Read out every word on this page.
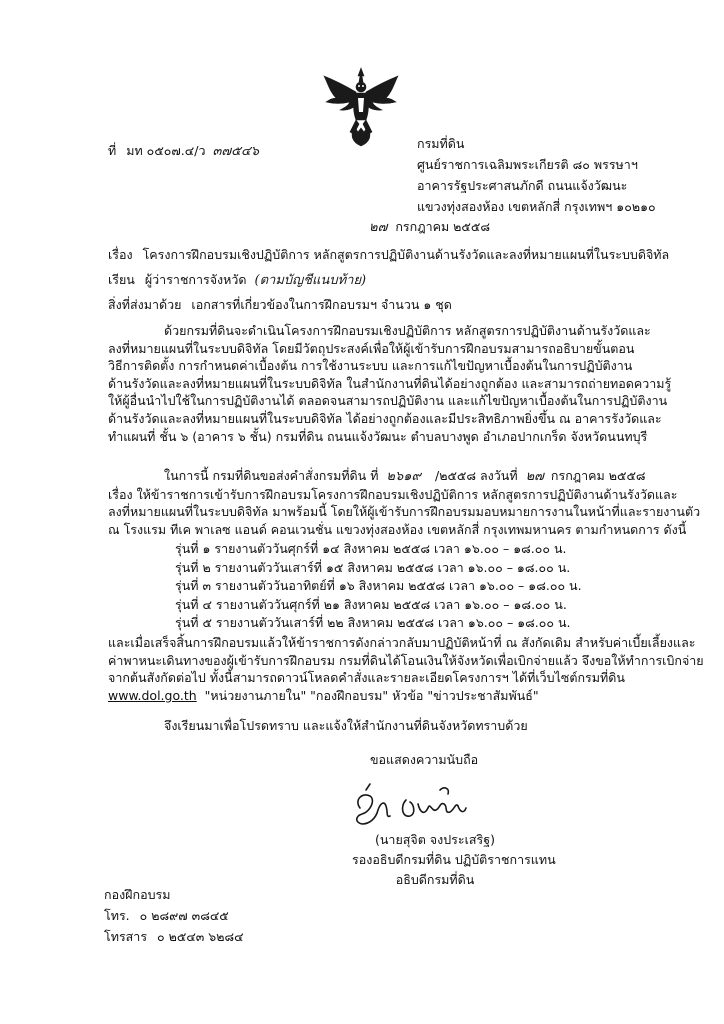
ที่ มท ๐๕๐๗.๔/ว ๓๗๕๔๖
กรมที่ดิน
ศูนย์ราชการเฉลิมพระเกียรติ ๘๐ พรรษาฯ
อาคารรัฐประศาสนภักดี ถนนแจ้งวัฒนะ
แขวงทุ่งสองห้อง เขตหลักสี่ กรุงเทพฯ ๑๐๒๑๐
๒๗ กรกฎาคม ๒๕๕๘
เรื่อง โครงการฝึกอบรมเชิงปฏิบัติการ หลักสูตรการปฏิบัติงานด้านรังวัดและลงที่หมายแผนที่ในระบบดิจิทัล
เรียน ผู้ว่าราชการจังหวัด (ตามบัญชีแนบท้าย)
สิ่งที่ส่งมาด้วย เอกสารที่เกี่ยวข้องในการฝึกอบรมฯ จำนวน ๑ ชุด
ด้วยกรมที่ดินจะดำเนินโครงการฝึกอบรมเชิงปฏิบัติการ หลักสูตรการปฏิบัติงานด้านรังวัดและ
ลงที่หมายแผนที่ในระบบดิจิทัล โดยมีวัตถุประสงค์เพื่อให้ผู้เข้ารับการฝึกอบรมสามารถอธิบายขั้นตอน
วิธีการติดตั้ง การกำหนดค่าเบื้องต้น การใช้งานระบบ และการแก้ไขปัญหาเบื้องต้นในการปฏิบัติงาน
ด้านรังวัดและลงที่หมายแผนที่ในระบบดิจิทัล ในสำนักงานที่ดินได้อย่างถูกต้อง และสามารถถ่ายทอดความรู้
ให้ผู้อื่นนำไปใช้ในการปฏิบัติงานได้ ตลอดจนสามารถปฏิบัติงาน และแก้ไขปัญหาเบื้องต้นในการปฏิบัติงาน
ด้านรังวัดและลงที่หมายแผนที่ในระบบดิจิทัล ได้อย่างถูกต้องและมีประสิทธิภาพยิ่งขึ้น ณ อาคารรังวัดและ
ทำแผนที่ ชั้น ๖ (อาคาร ๖ ชั้น) กรมที่ดิน ถนนแจ้งวัฒนะ ตำบลบางพูด อำเภอปากเกร็ด จังหวัดนนทบุรี
ในการนี้ กรมที่ดินขอส่งคำสั่งกรมที่ดิน ที่ ๒๖๑๙ /๒๕๕๘ ลงวันที่ ๒๗ กรกฎาคม ๒๕๕๘
เรื่อง ให้ข้าราชการเข้ารับการฝึกอบรมโครงการฝึกอบรมเชิงปฏิบัติการ หลักสูตรการปฏิบัติงานด้านรังวัดและ
ลงที่หมายแผนที่ในระบบดิจิทัล มาพร้อมนี้ โดยให้ผู้เข้ารับการฝึกอบรมมอบหมายการงานในหน้าที่และรายงานตัว
ณ โรงแรม ทีเค พาเลซ แอนด์ คอนเวนชั่น แขวงทุ่งสองห้อง เขตหลักสี่ กรุงเทพมหานคร ตามกำหนดการ ดังนี้
รุ่นที่ ๑ รายงานตัววันศุกร์ที่ ๑๔ สิงหาคม ๒๕๕๘ เวลา ๑๖.๐๐ – ๑๘.๐๐ น.
รุ่นที่ ๒ รายงานตัววันเสาร์ที่ ๑๕ สิงหาคม ๒๕๕๘ เวลา ๑๖.๐๐ – ๑๘.๐๐ น.
รุ่นที่ ๓ รายงานตัววันอาทิตย์ที่ ๑๖ สิงหาคม ๒๕๕๘ เวลา ๑๖.๐๐ – ๑๘.๐๐ น.
รุ่นที่ ๔ รายงานตัววันศุกร์ที่ ๒๑ สิงหาคม ๒๕๕๘ เวลา ๑๖.๐๐ – ๑๘.๐๐ น.
รุ่นที่ ๕ รายงานตัววันเสาร์ที่ ๒๒ สิงหาคม ๒๕๕๘ เวลา ๑๖.๐๐ – ๑๘.๐๐ น.
และเมื่อเสร็จสิ้นการฝึกอบรมแล้วให้ข้าราชการดังกล่าวกลับมาปฏิบัติหน้าที่ ณ สังกัดเดิม สำหรับค่าเบี้ยเลี้ยงและ
ค่าพาหนะเดินทางของผู้เข้ารับการฝึกอบรม กรมที่ดินได้โอนเงินให้จังหวัดเพื่อเบิกจ่ายแล้ว จึงขอให้ทำการเบิกจ่าย
จากต้นสังกัดต่อไป ทั้งนี้สามารถดาวน์โหลดคำสั่งและรายละเอียดโครงการฯ ได้ที่เว็บไซต์กรมที่ดิน
www.dol.go.th "หน่วยงานภายใน" "กองฝึกอบรม" หัวข้อ "ข่าวประชาสัมพันธ์"
จึงเรียนมาเพื่อโปรดทราบ และแจ้งให้สำนักงานที่ดินจังหวัดทราบด้วย
ขอแสดงความนับถือ
(นายสุจิต จงประเสริฐ)
รองอธิบดีกรมที่ดิน ปฏิบัติราชการแทน
อธิบดีกรมที่ดิน
กองฝึกอบรม
โทร. ๐ ๒๘๙๗ ๓๘๔๕
โทรสาร ๐ ๒๕๔๓ ๖๒๘๔
